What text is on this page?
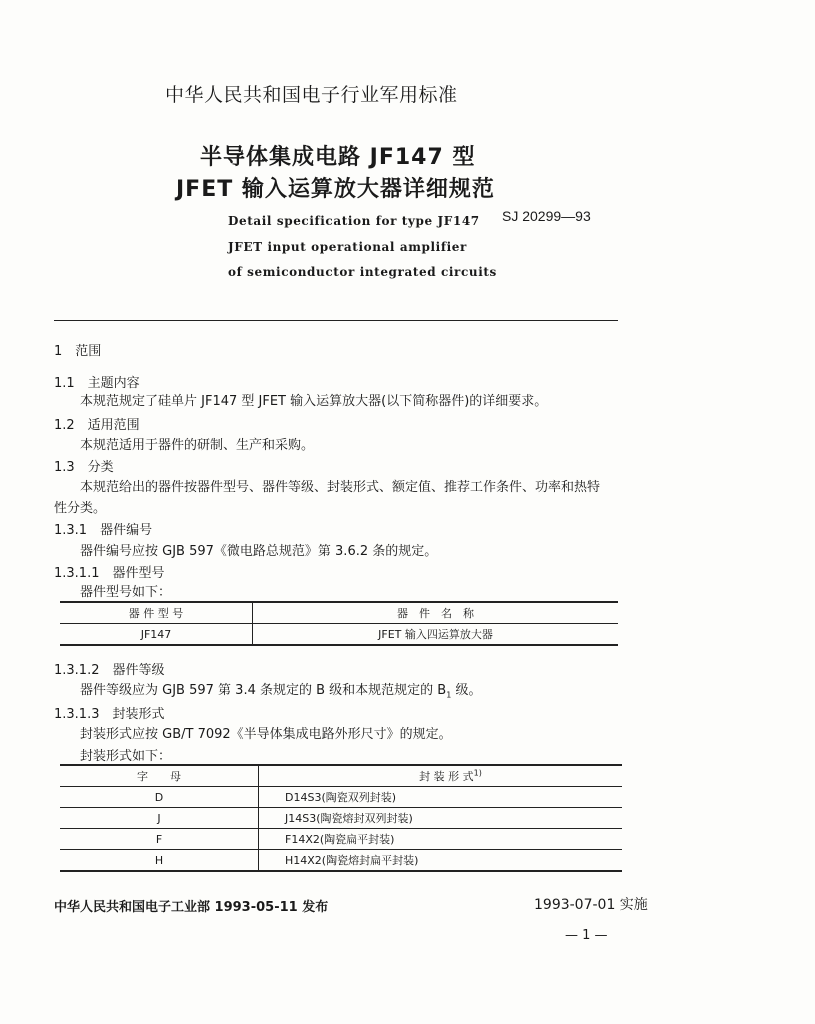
中华人民共和国电子行业军用标准
半导体集成电路 JF147 型
JFET 输入运算放大器详细规范
Detail specification for type JF147
JFET input operational amplifier
of semiconductor integrated circuits
SJ 20299—93
1　范围
1.1　主题内容
本规范规定了硅单片 JF147 型 JFET 输入运算放大器(以下简称器件)的详细要求。
1.2　适用范围
本规范适用于器件的研制、生产和采购。
1.3　分类
本规范给出的器件按器件型号、器件等级、封装形式、额定值、推荐工作条件、功率和热特
性分类。
1.3.1　器件编号
器件编号应按 GJB 597《微电路总规范》第 3.6.2 条的规定。
1.3.1.1　器件型号
器件型号如下：
器 件 型 号	器　件　名　称
JF147	JFET 输入四运算放大器
1.3.1.2　器件等级
器件等级应为 GJB 597 第 3.4 条规定的 B 级和本规范规定的 $B_1$ 级。
1.3.1.3　封装形式
封装形式应按 GB/T 7092《半导体集成电路外形尺寸》的规定。
封装形式如下：
字　　母	封 装 形 式$^{1)}$
D	D14S3(陶瓷双列封装)
J	J14S3(陶瓷熔封双列封装)
F	F14X2(陶瓷扁平封装)
H	H14X2(陶瓷熔封扁平封装)
中华人民共和国电子工业部 1993-05-11 发布	1993-07-01 实施
— 1 —
